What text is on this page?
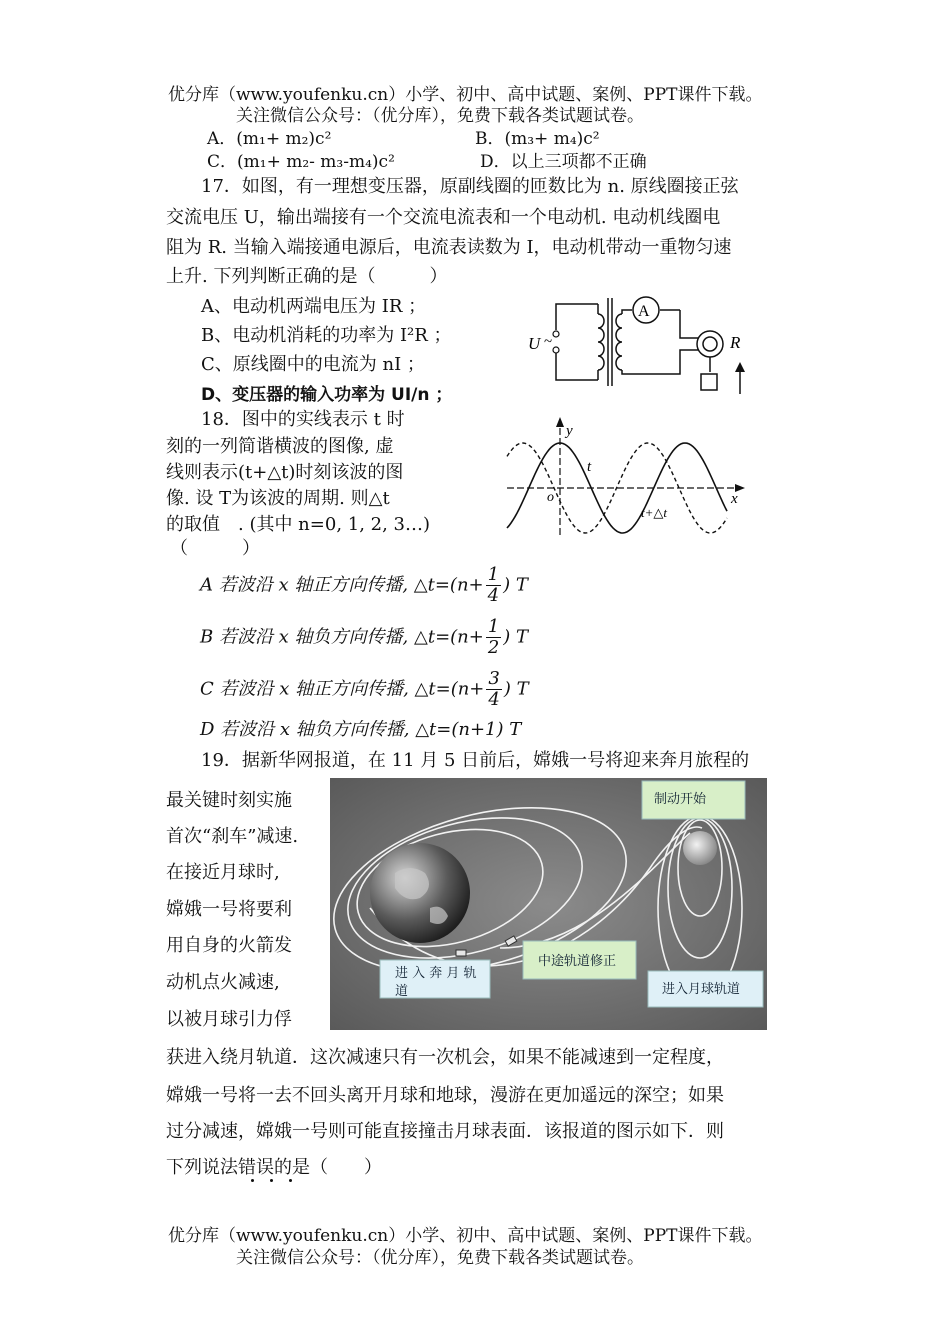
优分库（www.youfenku.cn）小学、初中、高中试题、案例、PPT课件下载。
关注微信公众号：（优分库），免费下载各类试题试卷。
A．(m₁+ m₂)c²	B．(m₃+ m₄)c²
C．(m₁+ m₂- m₃-m₄)c²	D．以上三项都不正确
17．如图，有一理想变压器，原副线圈的匝数比为 n. 原线圈接正弦
交流电压 U，输出端接有一个交流电流表和一个电动机. 电动机线圈电
阻为 R. 当输入端接通电源后，电流表读数为 I，电动机带动一重物匀速
上升. 下列判断正确的是（　　　）
A、电动机两端电压为 IR ；
B、电动机消耗的功率为 I²R ；
C、原线圈中的电流为 nI ；
D、变压器的输入功率为 UI/n ；
A
U ~	R
18．图中的实线表示 t 时
刻的一列简谐横波的图像, 虚
线则表示(t+△t)时刻该波的图
像. 设 T为该波的周期. 则△t
的取值　. (其中 n=0, 1, 2, 3…)
（　　　）
y
x
o
t
t+△t
A 若波沿 x 轴正方向传播, △t=(n+ $\frac{1}{4}$ ) T
B 若波沿 x 轴负方向传播, △t=(n+ $\frac{1}{2}$ ) T
C 若波沿 x 轴正方向传播, △t=(n+ $\frac{3}{4}$ ) T
D 若波沿 x 轴负方向传播, △t=(n+1) T
19．据新华网报道，在 11 月 5 日前后，嫦娥一号将迎来奔月旅程的
最关键时刻实施
首次“刹车”减速.
在接近月球时,
嫦娥一号将要利
用自身的火箭发
动机点火减速,
以被月球引力俘
制动开始
中途轨道修正
进 入 奔 月 轨 道	进入月球轨道
获进入绕月轨道．这次减速只有一次机会，如果不能减速到一定程度，
嫦娥一号将一去不回头离开月球和地球，漫游在更加遥远的深空；如果
过分减速，嫦娥一号则可能直接撞击月球表面．该报道的图示如下．则
下列说法错误的是（　　）
优分库（www.youfenku.cn）小学、初中、高中试题、案例、PPT课件下载。
关注微信公众号：（优分库），免费下载各类试题试卷。
